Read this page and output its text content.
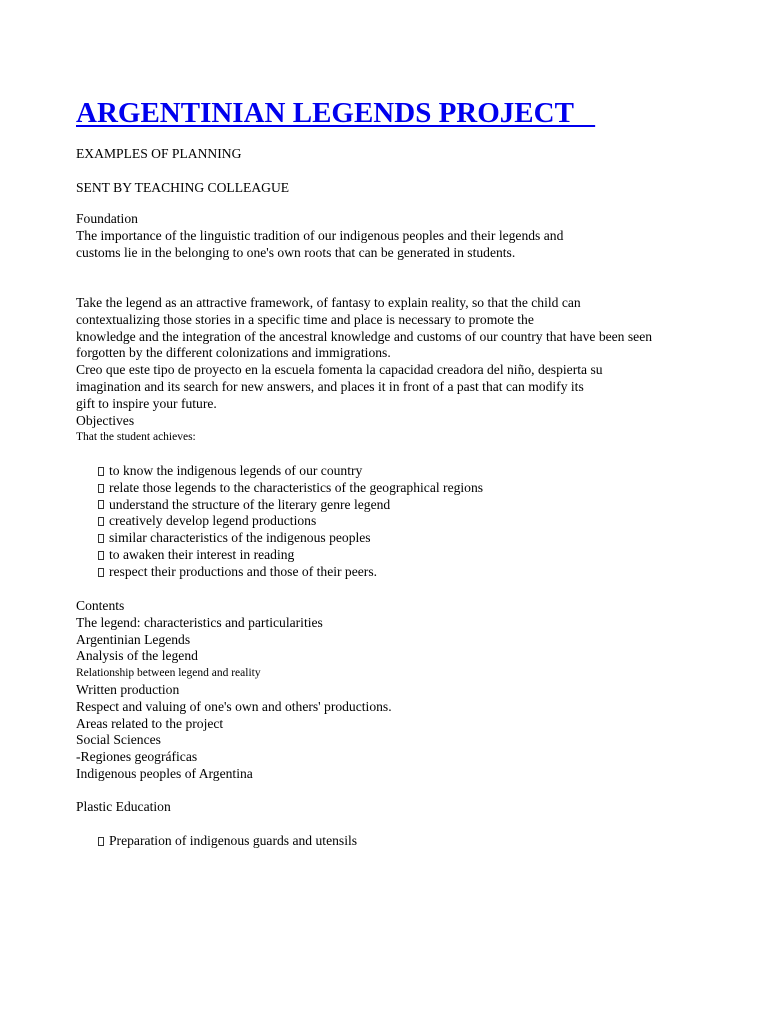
ARGENTINIAN LEGENDS PROJECT
EXAMPLES OF PLANNING
SENT BY TEACHING COLLEAGUE
Foundation
The importance of the linguistic tradition of our indigenous peoples and their legends and
customs lie in the belonging to one's own roots that can be generated in students.
Take the legend as an attractive framework, of fantasy to explain reality, so that the child can
contextualizing those stories in a specific time and place is necessary to promote the
knowledge and the integration of the ancestral knowledge and customs of our country that have been seen
forgotten by the different colonizations and immigrations.
Creo que este tipo de proyecto en la escuela fomenta la capacidad creadora del niño, despierta su
imagination and its search for new answers, and places it in front of a past that can modify its
gift to inspire your future.
Objectives
That the student achieves:
to know the indigenous legends of our country
relate those legends to the characteristics of the geographical regions
understand the structure of the literary genre legend
creatively develop legend productions
similar characteristics of the indigenous peoples
to awaken their interest in reading
respect their productions and those of their peers.
Contents
The legend: characteristics and particularities
Argentinian Legends
Analysis of the legend
Relationship between legend and reality
Written production
Respect and valuing of one's own and others' productions.
Areas related to the project
Social Sciences
-Regiones geográficas
Indigenous peoples of Argentina
Plastic Education
Preparation of indigenous guards and utensils
